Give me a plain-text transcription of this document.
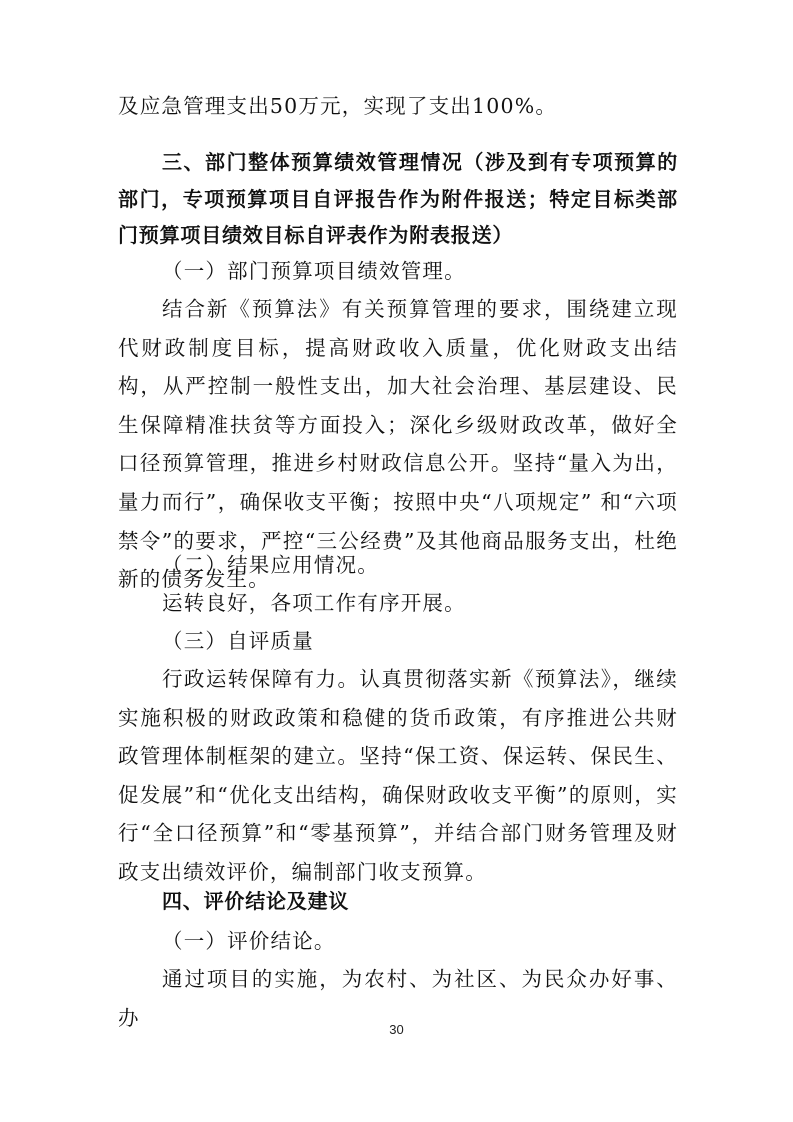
及应急管理支出50万元，实现了支出100%。

三、部门整体预算绩效管理情况（涉及到有专项预算的部门，专项预算项目自评报告作为附件报送；特定目标类部门预算项目绩效目标自评表作为附表报送）

（一）部门预算项目绩效管理。

结合新《预算法》有关预算管理的要求，围绕建立现代财政制度目标，提高财政收入质量，优化财政支出结构，从严控制一般性支出，加大社会治理、基层建设、民生保障精准扶贫等方面投入；深化乡级财政改革，做好全口径预算管理，推进乡村财政信息公开。坚持“量入为出，量力而行”，确保收支平衡；按照中央“八项规定” 和“六项禁令”的要求，严控“三公经费”及其他商品服务支出，杜绝新的债务发生。

（二）结果应用情况。

运转良好，各项工作有序开展。

（三）自评质量

行政运转保障有力。认真贯彻落实新《预算法》，继续实施积极的财政政策和稳健的货币政策，有序推进公共财政管理体制框架的建立。坚持“保工资、保运转、保民生、促发展”和“优化支出结构，确保财政收支平衡”的原则，实行“全口径预算”和“零基预算”，并结合部门财务管理及财政支出绩效评价，编制部门收支预算。

四、评价结论及建议

（一）评价结论。

通过项目的实施，为农村、为社区、为民众办好事、办	30
